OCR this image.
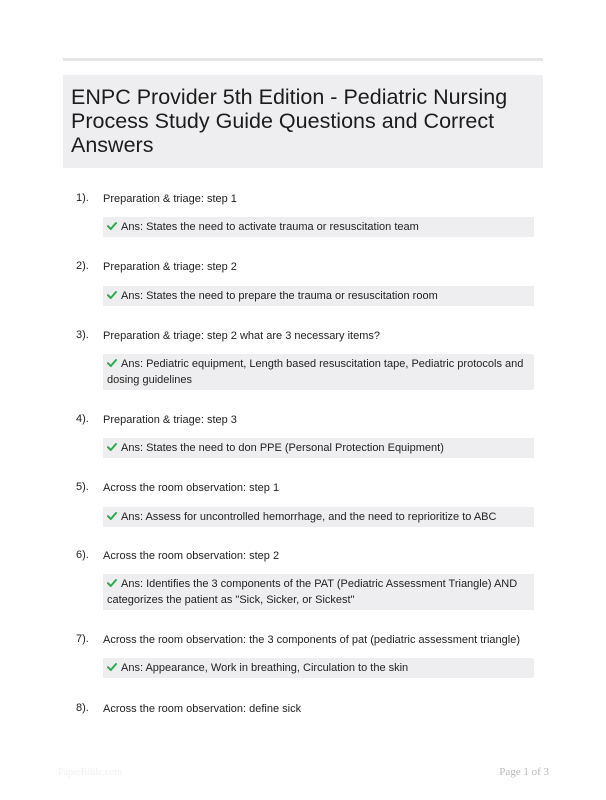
ENPC Provider 5th Edition - Pediatric Nursing
Process Study Guide Questions and Correct
Answers
1). Preparation & triage: step 1
Ans: States the need to activate trauma or resuscitation team
2). Preparation & triage: step 2
Ans: States the need to prepare the trauma or resuscitation room
3). Preparation & triage: step 2 what are 3 necessary items?
Ans: Pediatric equipment, Length based resuscitation tape, Pediatric protocols and dosing guidelines
4). Preparation & triage: step 3
Ans: States the need to don PPE (Personal Protection Equipment)
5). Across the room observation: step 1
Ans: Assess for uncontrolled hemorrhage, and the need to reprioritize to ABC
6). Across the room observation: step 2
Ans: Identifies the 3 components of the PAT (Pediatric Assessment Triangle) AND categorizes the patient as "Sick, Sicker, or Sickest"
7). Across the room observation: the 3 components of pat (pediatric assessment triangle)
Ans: Appearance, Work in breathing, Circulation to the skin
8). Across the room observation: define sick
PaperBible.com	Page 1 of 3
